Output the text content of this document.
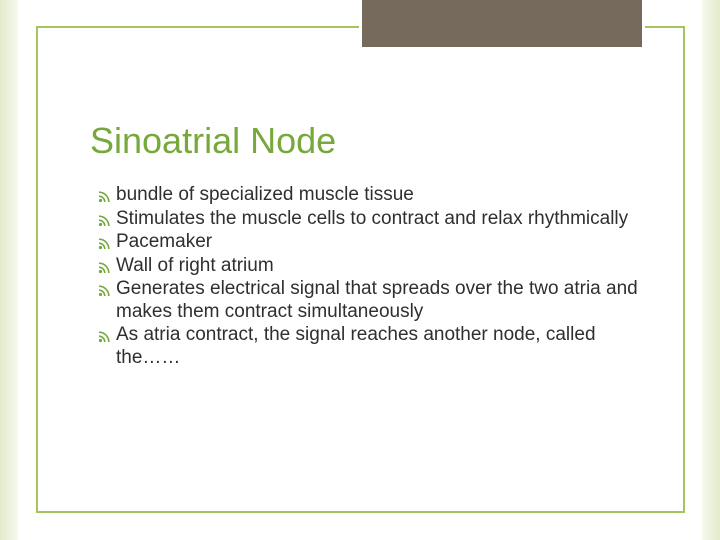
Sinoatrial Node
bundle of specialized muscle tissue
Stimulates the muscle cells to contract and relax rhythmically
Pacemaker
Wall of right atrium
Generates electrical signal that spreads over the two atria and makes them contract simultaneously
As atria contract, the signal reaches another node, called the……
